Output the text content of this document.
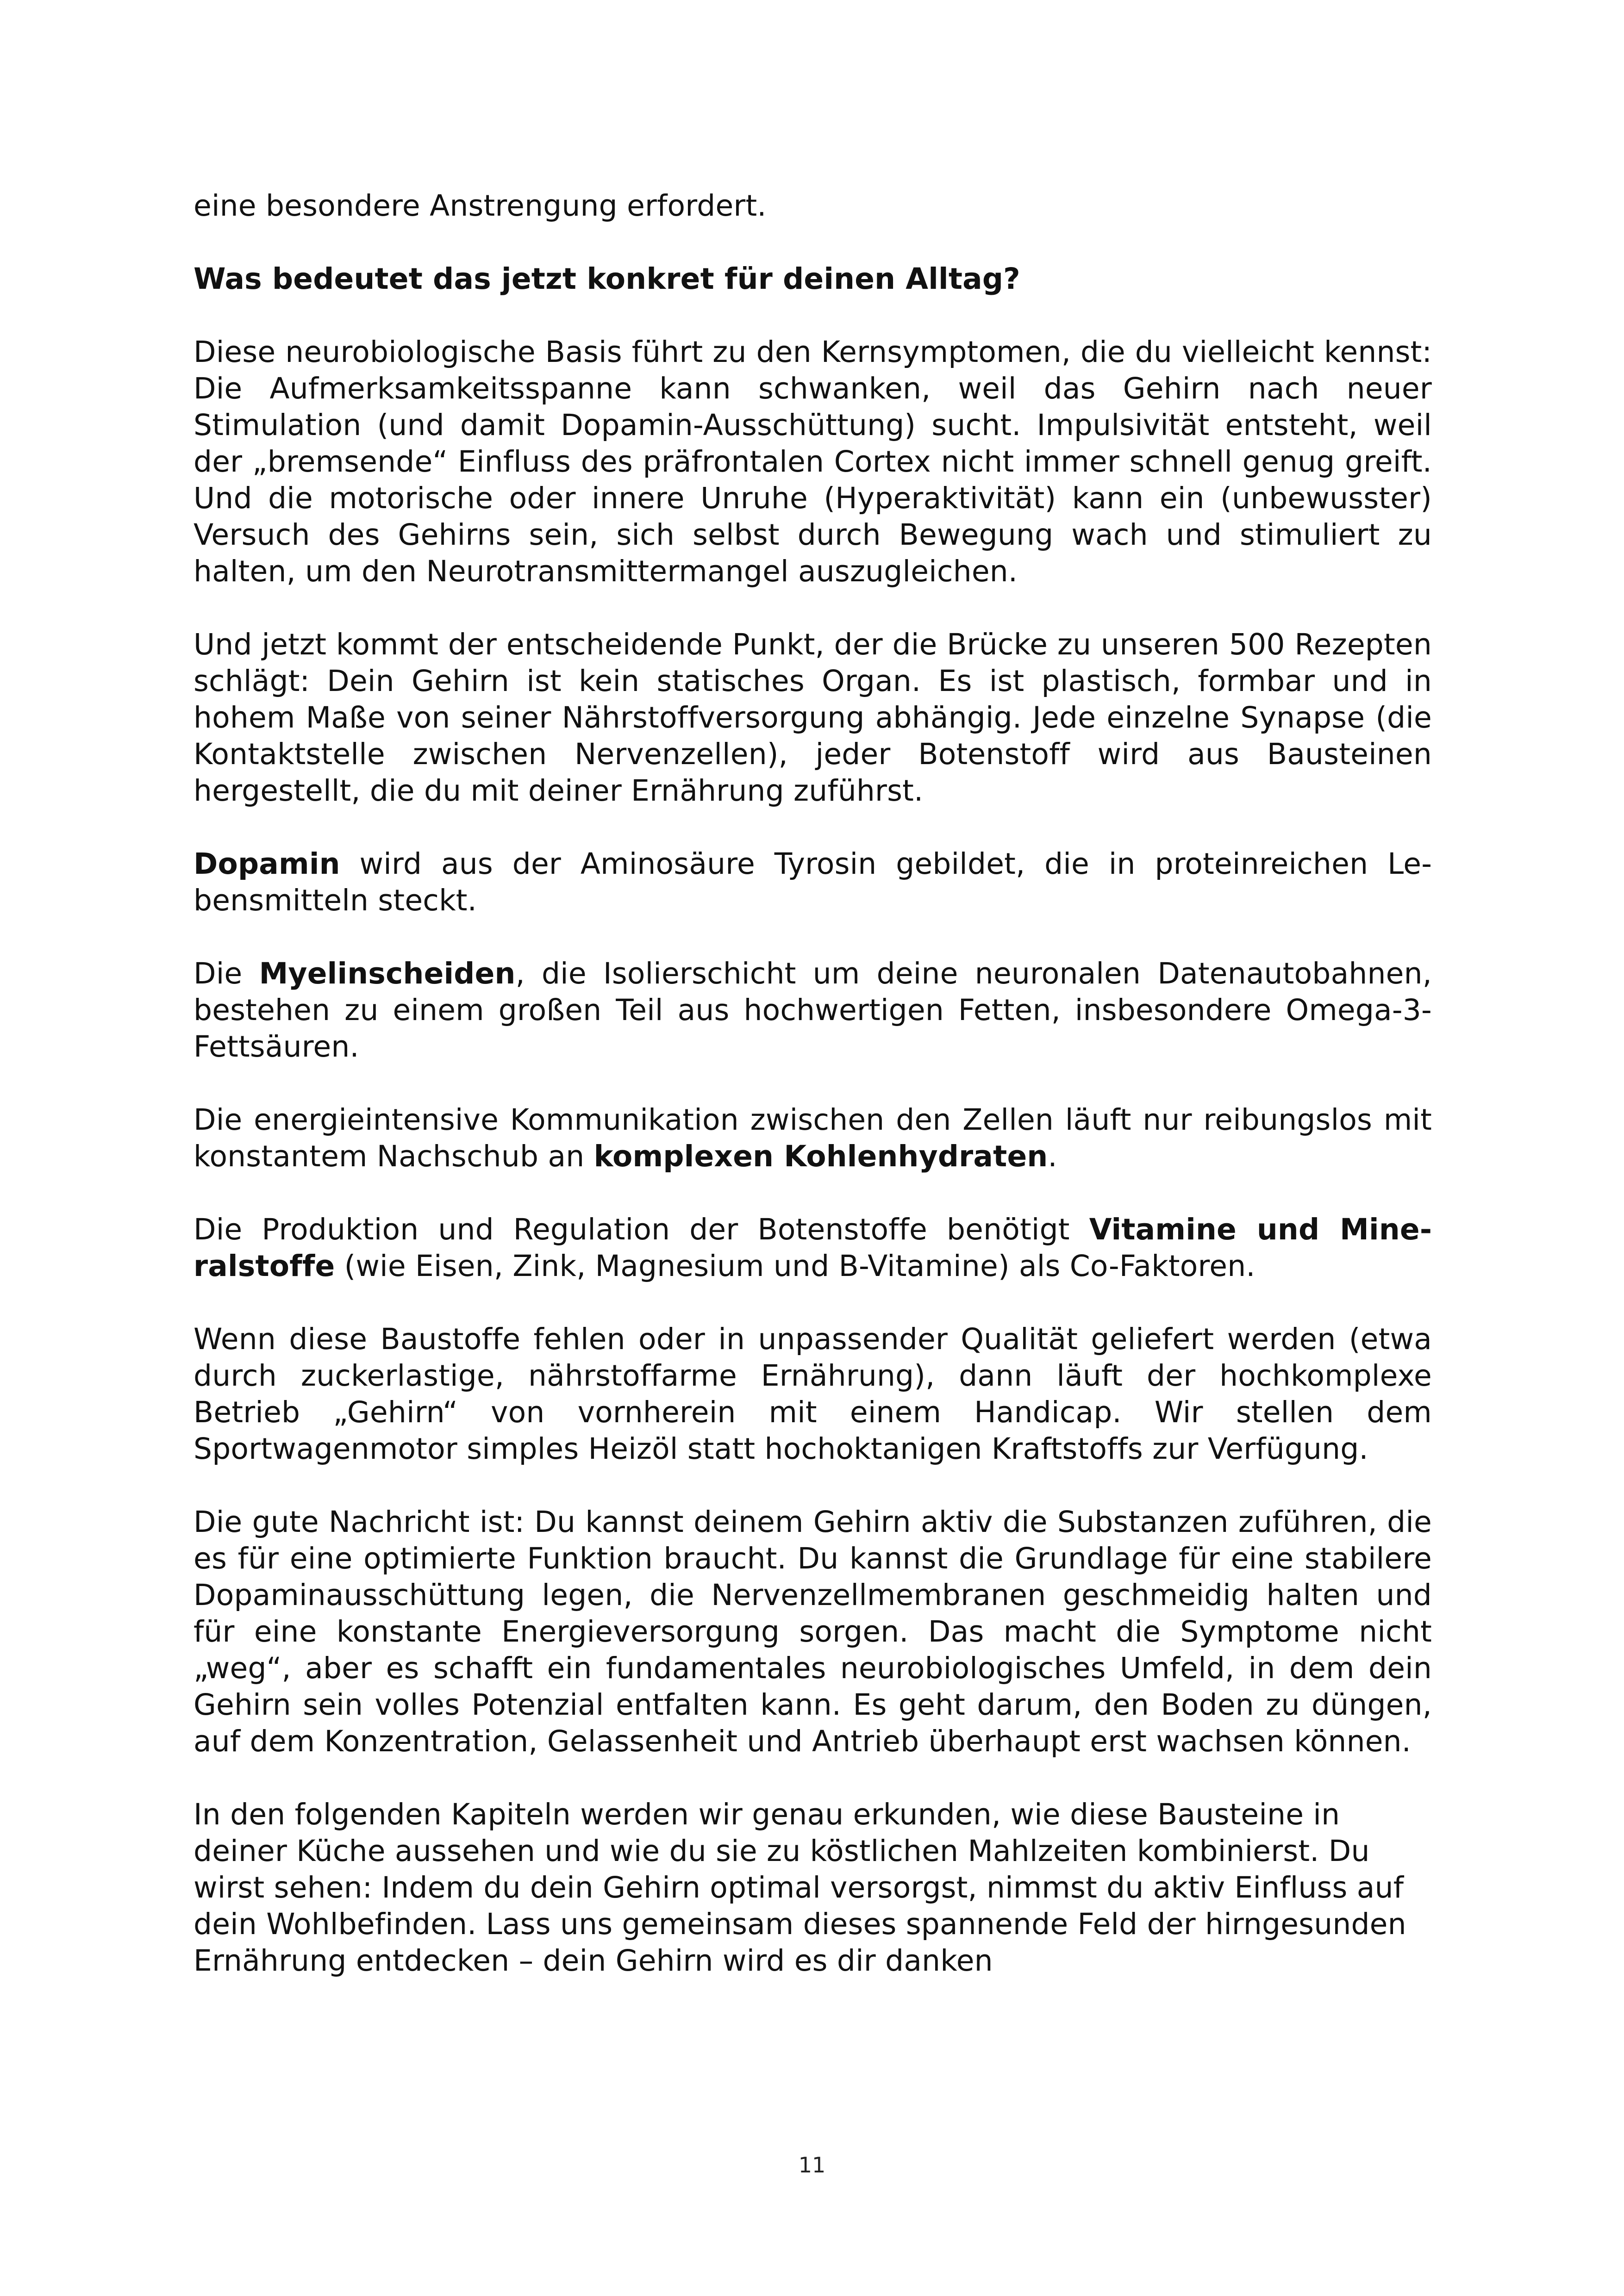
eine besondere Anstrengung erfordert.

Was bedeutet das jetzt konkret für deinen Alltag?

Diese neurobiologische Basis führt zu den Kernsymptomen, die du vielleicht kennst: Die Aufmerksamkeitsspanne kann schwanken, weil das Gehirn nach neuer Stimulation (und damit Dopamin-Ausschüttung) sucht. Impulsivität entsteht, weil der „bremsende“ Einfluss des präfrontalen Cortex nicht immer schnell genug greift. Und die motorische oder innere Unruhe (Hyperaktivität) kann ein (unbewusster) Versuch des Gehirns sein, sich selbst durch Bewegung wach und stimuliert zu halten, um den Neurotransmittermangel auszugleichen.

Und jetzt kommt der entscheidende Punkt, der die Brücke zu unseren 500 Rezepten schlägt: Dein Gehirn ist kein statisches Organ. Es ist plastisch, formbar und in hohem Maße von seiner Nährstoffversorgung abhängig. Jede einzelne Synapse (die Kontaktstelle zwischen Nervenzellen), jeder Botenstoff wird aus Bausteinen hergestellt, die du mit deiner Ernährung zuführst.

Dopamin wird aus der Aminosäure Tyrosin gebildet, die in proteinreichen Lebensmitteln steckt.

Die Myelinscheiden, die Isolierschicht um deine neuronalen Datenautobahnen, bestehen zu einem großen Teil aus hochwertigen Fetten, insbesondere Omega-3-Fettsäuren.

Die energieintensive Kommunikation zwischen den Zellen läuft nur reibungslos mit konstantem Nachschub an komplexen Kohlenhydraten.

Die Produktion und Regulation der Botenstoffe benötigt Vitamine und Mineralstoffe (wie Eisen, Zink, Magnesium und B-Vitamine) als Co-Faktoren.

Wenn diese Baustoffe fehlen oder in unpassender Qualität geliefert werden (etwa durch zuckerlastige, nährstoffarme Ernährung), dann läuft der hochkomplexe Betrieb „Gehirn“ von vornherein mit einem Handicap. Wir stellen dem Sportwagenmotor simples Heizöl statt hochoktanigen Kraftstoffs zur Verfügung.

Die gute Nachricht ist: Du kannst deinem Gehirn aktiv die Substanzen zuführen, die es für eine optimierte Funktion braucht. Du kannst die Grundlage für eine stabilere Dopaminausschüttung legen, die Nervenzellmembranen geschmeidig halten und für eine konstante Energieversorgung sorgen. Das macht die Symptome nicht „weg“, aber es schafft ein fundamentales neurobiologisches Umfeld, in dem dein Gehirn sein volles Potenzial entfalten kann. Es geht darum, den Boden zu düngen, auf dem Konzentration, Gelassenheit und Antrieb überhaupt erst wachsen können.

In den folgenden Kapiteln werden wir genau erkunden, wie diese Bausteine in deiner Küche aussehen und wie du sie zu köstlichen Mahlzeiten kombinierst. Du wirst sehen: Indem du dein Gehirn optimal versorgst, nimmst du aktiv Einfluss auf dein Wohlbefinden. Lass uns gemeinsam dieses spannende Feld der hirngesunden Ernährung entdecken – dein Gehirn wird es dir danken

11
